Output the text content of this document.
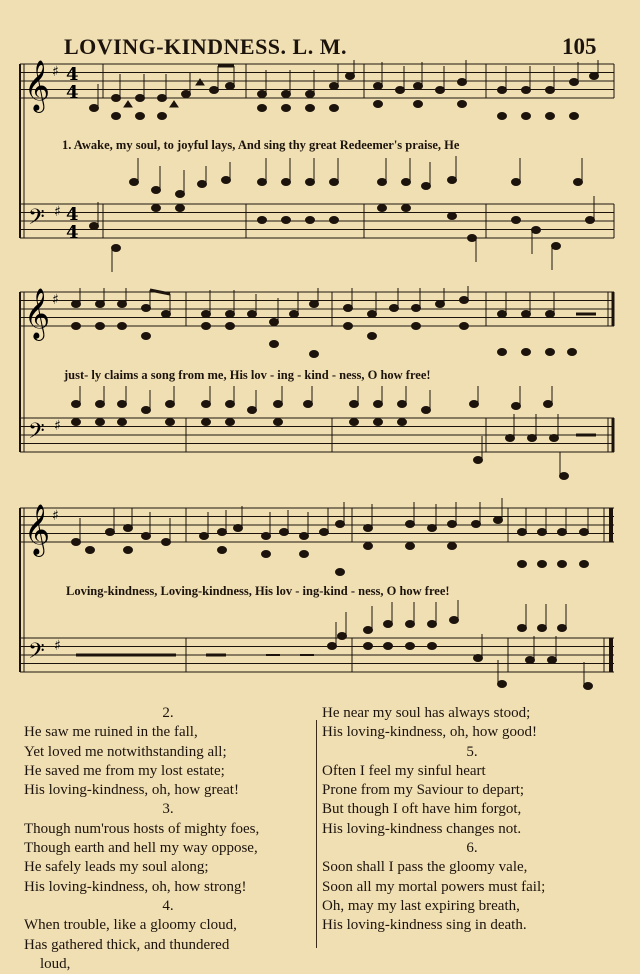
LOVING-KINDNESS. L. M.	105
𝄞 ♯
𝄢 ♯
4
4
4
4
1. Awake, my soul, to joyful lays, And sing thy great Redeemer's praise, He
𝄞 ♯
𝄢 ♯
just- ly claims a song from me, His lov - ing - kind - ness, O how free!
𝄞 ♯
𝄢 ♯
Loving-kindness, Loving-kindness, His lov - ing-kind - ness, O how free!
2.
He saw me ruined in the fall,
Yet loved me notwithstanding all;
He saved me from my lost estate;
His loving-kindness, oh, how great!
3.
Though num'rous hosts of mighty foes,
Though earth and hell my way oppose,
He safely leads my soul along;
His loving-kindness, oh, how strong!
4.
When trouble, like a gloomy cloud,
Has gathered thick, and thundered
loud,
He near my soul has always stood;
His loving-kindness, oh, how good!
5.
Often I feel my sinful heart
Prone from my Saviour to depart;
But though I oft have him forgot,
His loving-kindness changes not.
6.
Soon shall I pass the gloomy vale,
Soon all my mortal powers must fail;
Oh, may my last expiring breath,
His loving-kindness sing in death.
